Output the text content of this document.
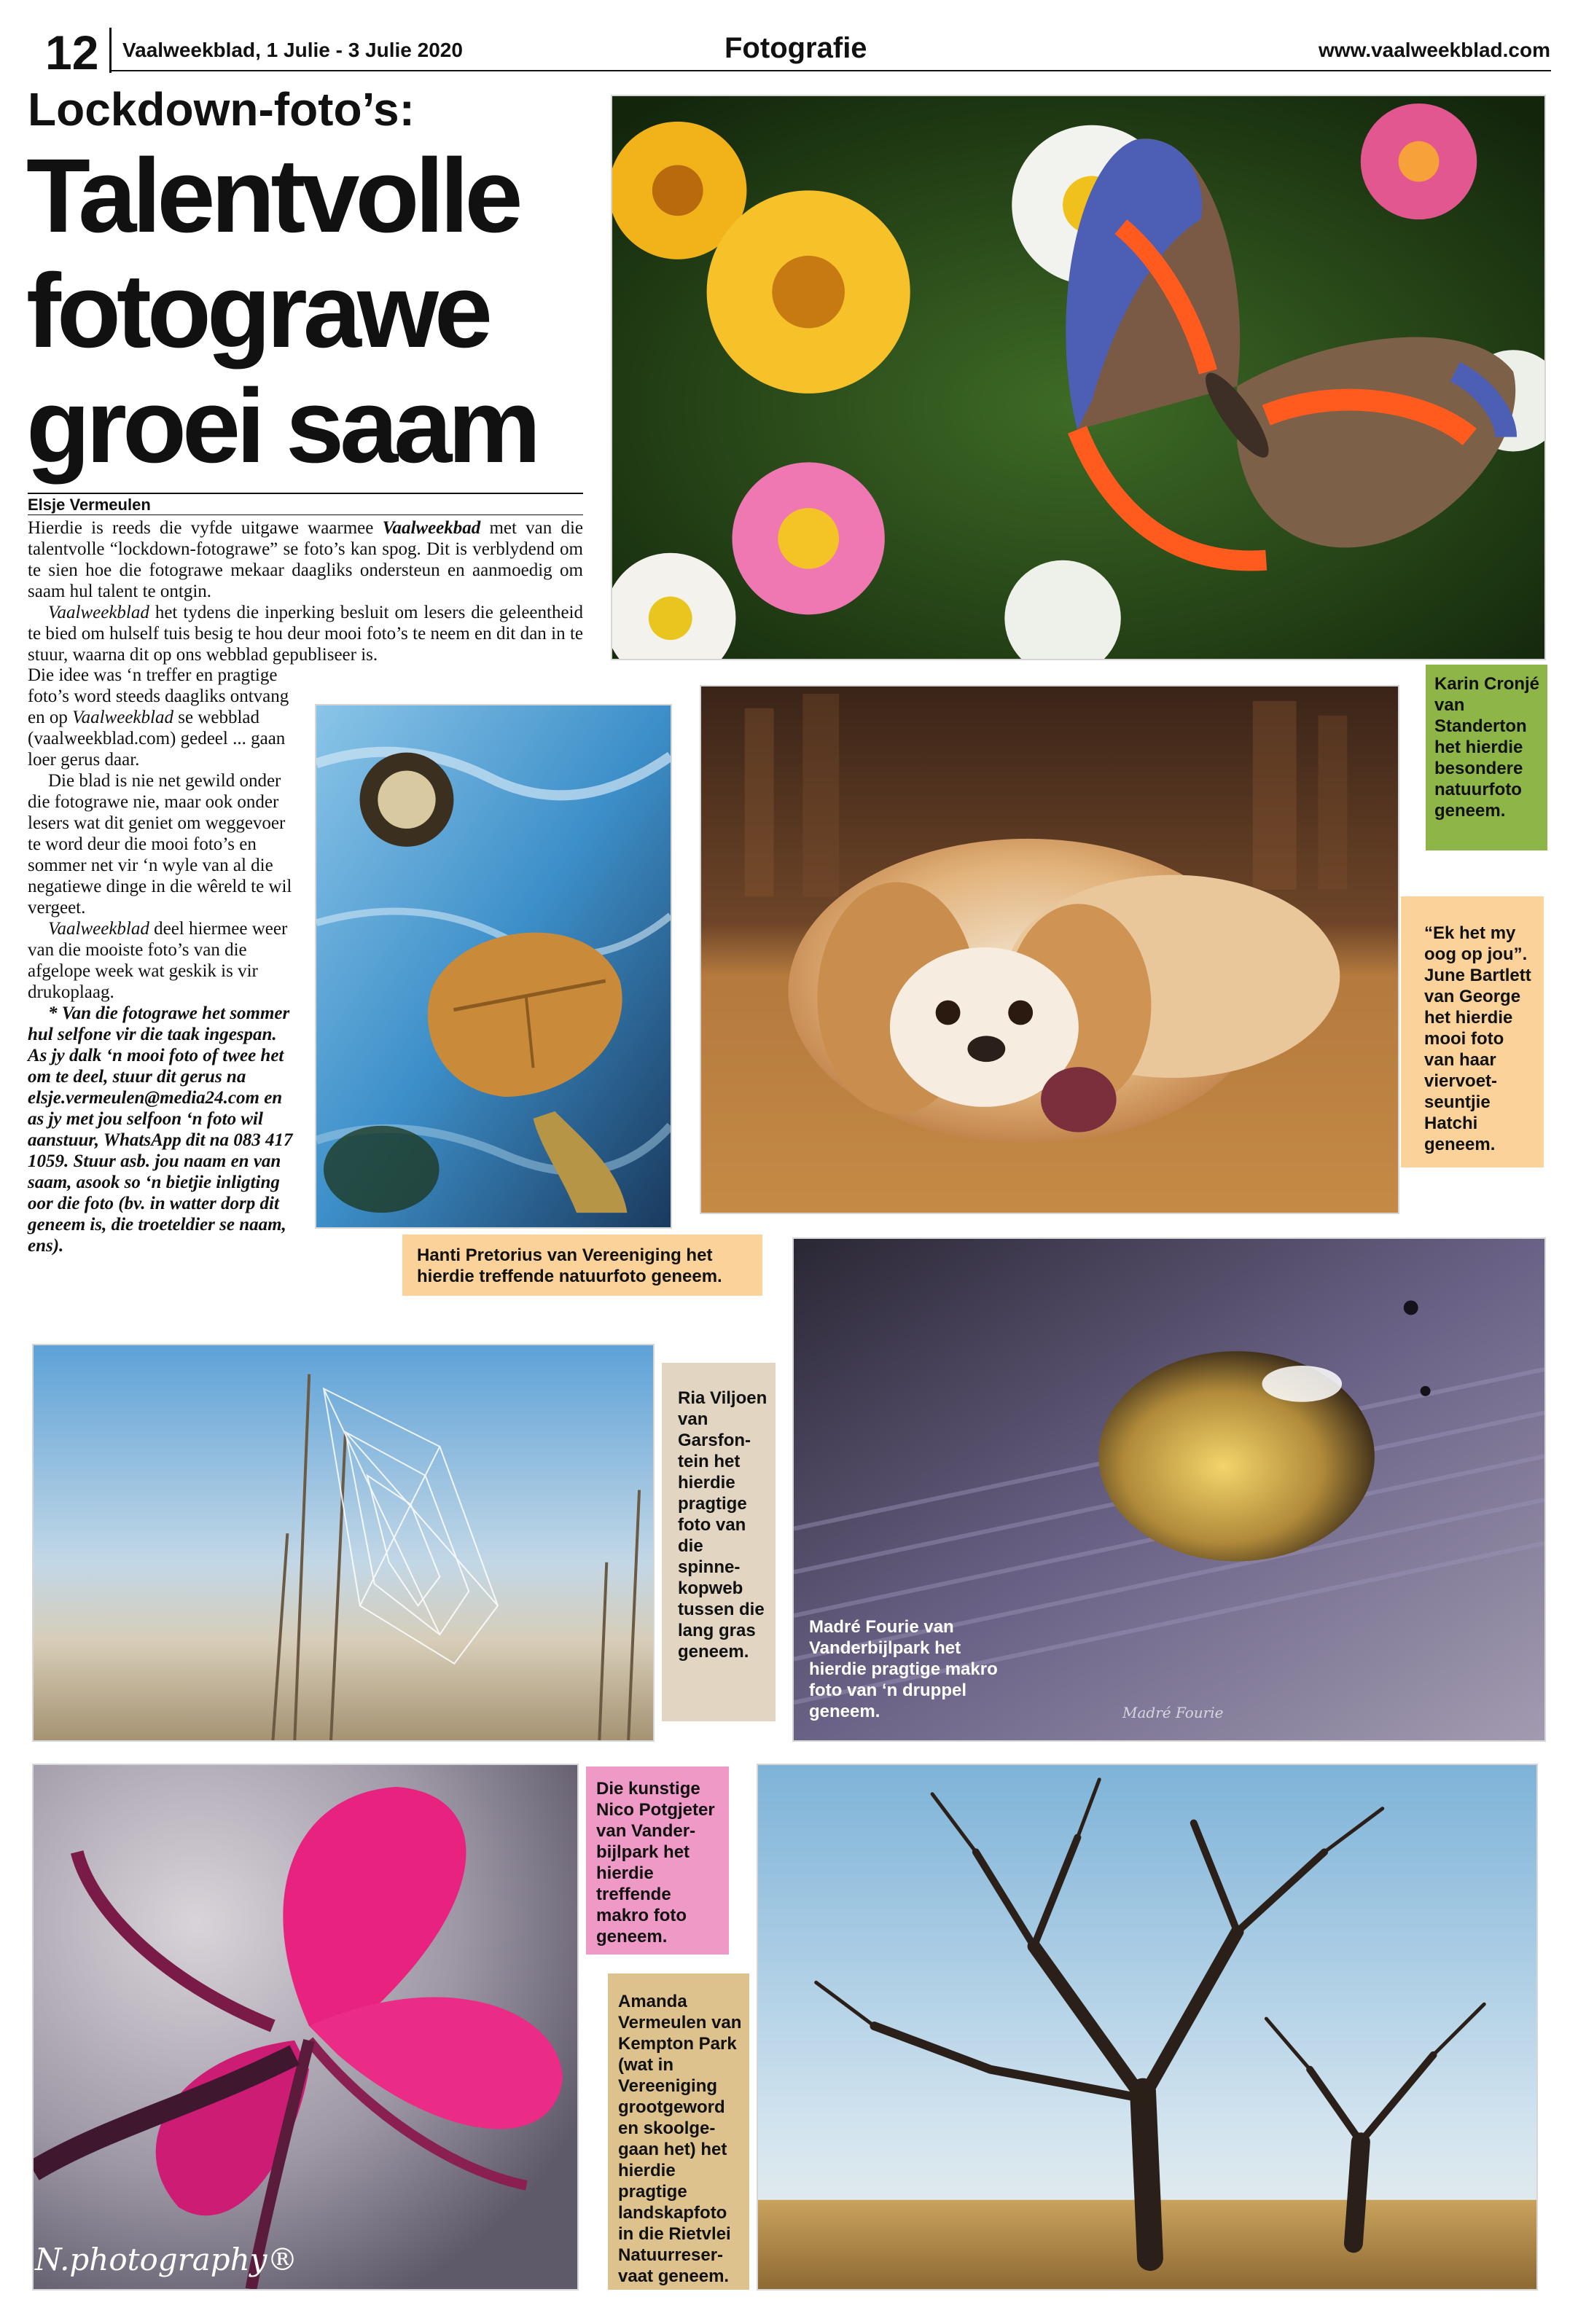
12 Vaalweekblad, 1 Julie - 3 Julie 2020	Fotografie	www.vaalweekblad.com
Lockdown-foto’s:
Talentvolle
fotograwe
groei saam
Elsje Vermeulen

Hierdie is reeds die vyfde uitgawe waarmee Vaalweekbad met van die talentvolle “lockdown-fotograwe” se foto’s kan spog. Dit is verblydend om te sien hoe die fotograwe mekaar daagliks ondersteun en aanmoedig om saam hul talent te ontgin.

Vaalweekblad het tydens die inperking besluit om lesers die geleentheid te bied om hulself tuis besig te hou deur mooi foto’s te neem en dit dan in te stuur, waarna dit op ons webblad gepubliseer is.

Die idee was ‘n treffer en pragtige foto’s word steeds daagliks ontvang en op Vaalweekblad se webblad (vaalweekblad.com) gedeel ... gaan loer gerus daar.

Die blad is nie net gewild onder die fotograwe nie, maar ook onder lesers wat dit geniet om weggevoer te word deur die mooi foto’s en sommer net vir ‘n wyle van al die negatiewe dinge in die wêreld te wil vergeet.

Vaalweekblad deel hiermee weer van die mooiste foto’s van die afgelope week wat geskik is vir drukoplaag.

* Van die fotograwe het sommer hul selfone vir die taak ingespan. As jy dalk ‘n mooi foto of twee het om te deel, stuur dit gerus na elsje.vermeulen@media24.com en as jy met jou selfoon ‘n foto wil aanstuur, WhatsApp dit na 083 417 1059. Stuur asb. jou naam en van saam, asook so ‘n bietjie inligting oor die foto (bv. in watter dorp dit geneem is, die troeteldier se naam, ens).

Karin Cronjé van Standerton het hierdie besondere natuurfoto geneem.
“Ek het my oog op jou”. June Bartlett van George het hierdie mooi foto van haar viervoet-seuntjie Hatchi geneem.
Hanti Pretorius van Vereeniging het hierdie treffende natuurfoto geneem.
Ria Viljoen van Garsfon-tein het hierdie pragtige foto van die spinne-kopweb tussen die lang gras geneem.
Madré Fourie
Madré Fourie van Vanderbijlpark het hierdie pragtige makro foto van ‘n druppel geneem.
N.photography®
Die kunstige Nico Potgjeter van Vander-bijlpark het hierdie treffende makro foto geneem.
Amanda Vermeulen van Kempton Park (wat in Vereeniging grootgeword en skoolge-gaan het) het hierdie pragtige landskapfoto in die Rietvlei Natuurreser-vaat geneem.
